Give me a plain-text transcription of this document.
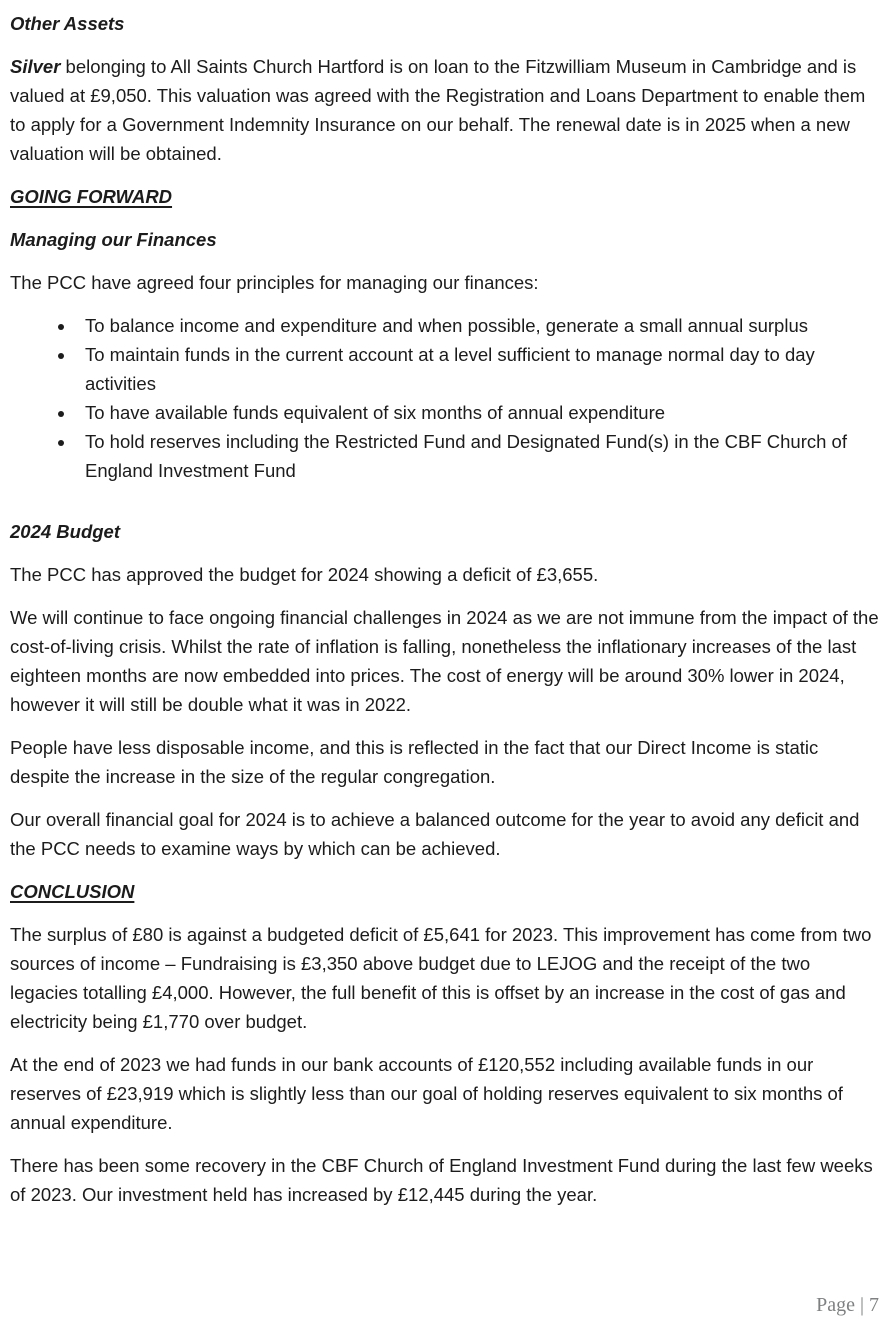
Other Assets

Silver belonging to All Saints Church Hartford is on loan to the Fitzwilliam Museum in Cambridge and is valued at £9,050. This valuation was agreed with the Registration and Loans Department to enable them to apply for a Government Indemnity Insurance on our behalf. The renewal date is in 2025 when a new valuation will be obtained.

GOING FORWARD
Managing our Finances

The PCC have agreed four principles for managing our finances:

• To balance income and expenditure and when possible, generate a small annual surplus
• To maintain funds in the current account at a level sufficient to manage normal day to day activities
• To have available funds equivalent of six months of annual expenditure
• To hold reserves including the Restricted Fund and Designated Fund(s) in the CBF Church of England Investment Fund
2024 Budget

The PCC has approved the budget for 2024 showing a deficit of £3,655.

We will continue to face ongoing financial challenges in 2024 as we are not immune from the impact of the cost-of-living crisis. Whilst the rate of inflation is falling, nonetheless the inflationary increases of the last eighteen months are now embedded into prices. The cost of energy will be around 30% lower in 2024, however it will still be double what it was in 2022.

People have less disposable income, and this is reflected in the fact that our Direct Income is static despite the increase in the size of the regular congregation.

Our overall financial goal for 2024 is to achieve a balanced outcome for the year to avoid any deficit and the PCC needs to examine ways by which can be achieved.

CONCLUSION

The surplus of £80 is against a budgeted deficit of £5,641 for 2023. This improvement has come from two sources of income – Fundraising is £3,350 above budget due to LEJOG and the receipt of the two legacies totalling £4,000. However, the full benefit of this is offset by an increase in the cost of gas and electricity being £1,770 over budget.

At the end of 2023 we had funds in our bank accounts of £120,552 including available funds in our reserves of £23,919 which is slightly less than our goal of holding reserves equivalent to six months of annual expenditure.

There has been some recovery in the CBF Church of England Investment Fund during the last few weeks of 2023. Our investment held has increased by £12,445 during the year.

Page | 7
